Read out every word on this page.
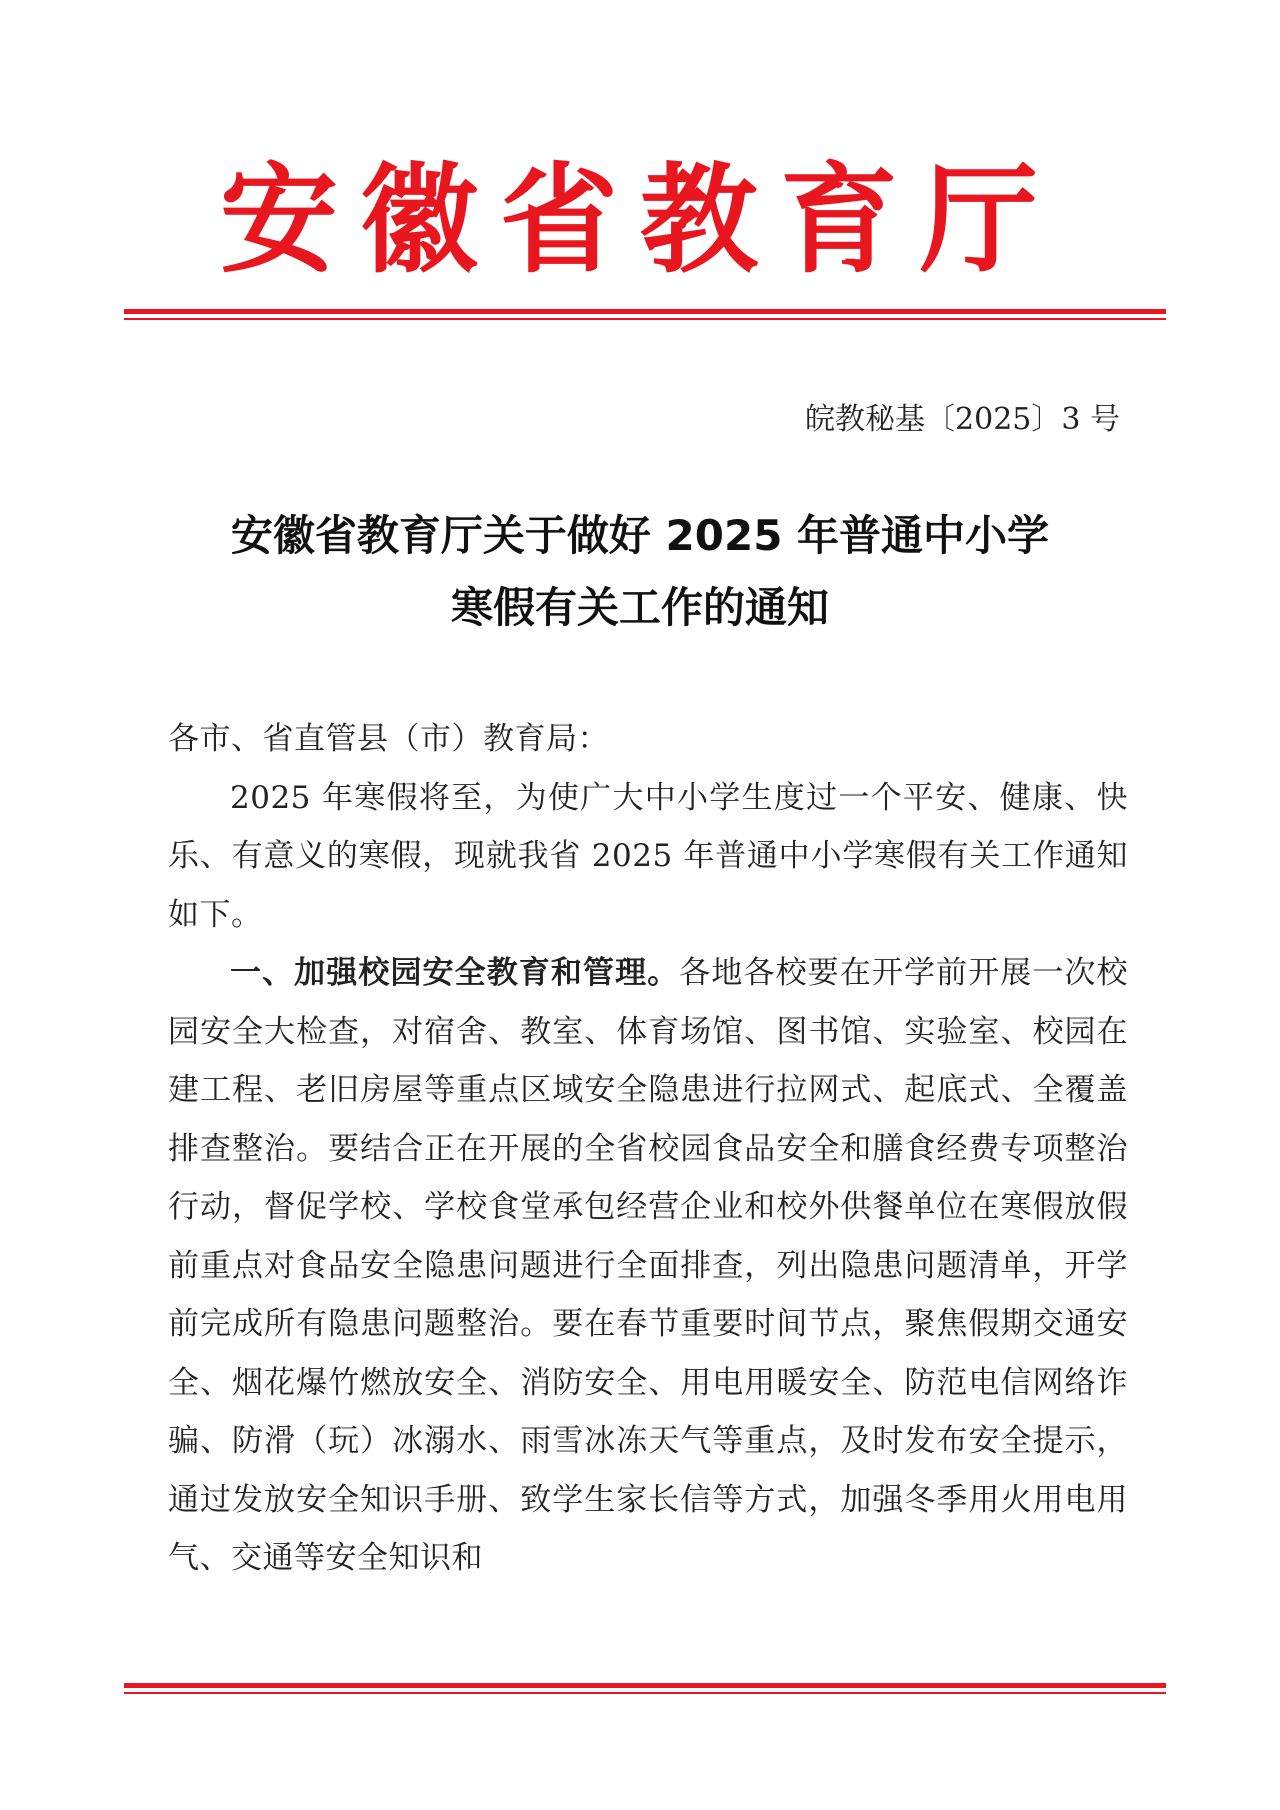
安徽省教育厅
皖教秘基〔2025〕3 号
安徽省教育厅关于做好 2025 年普通中小学
寒假有关工作的通知

各市、省直管县（市）教育局：

2025 年寒假将至，为使广大中小学生度过一个平安、健康、快乐、有意义的寒假，现就我省 2025 年普通中小学寒假有关工作通知如下。

一、加强校园安全教育和管理。各地各校要在开学前开展一次校园安全大检查，对宿舍、教室、体育场馆、图书馆、实验室、校园在建工程、老旧房屋等重点区域安全隐患进行拉网式、起底式、全覆盖排查整治。要结合正在开展的全省校园食品安全和膳食经费专项整治行动，督促学校、学校食堂承包经营企业和校外供餐单位在寒假放假前重点对食品安全隐患问题进行全面排查，列出隐患问题清单，开学前完成所有隐患问题整治。要在春节重要时间节点，聚焦假期交通安全、烟花爆竹燃放安全、消防安全、用电用暖安全、防范电信网络诈骗、防滑（玩）冰溺水、雨雪冰冻天气等重点，及时发布安全提示，通过发放安全知识手册、致学生家长信等方式，加强冬季用火用电用气、交通等安全知识和
